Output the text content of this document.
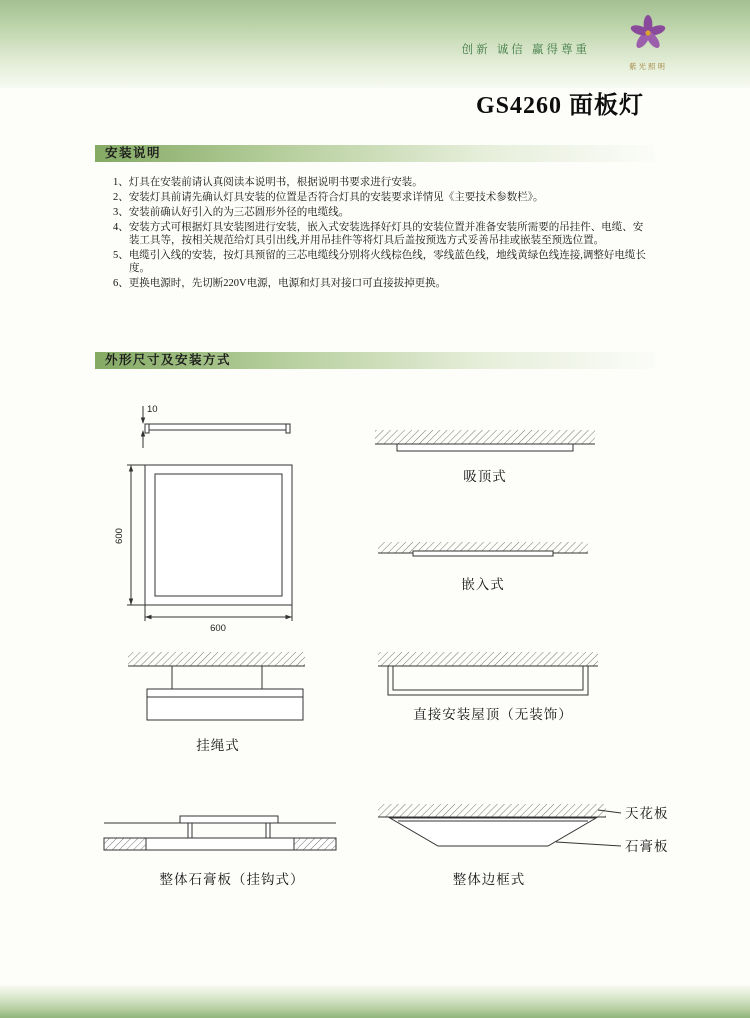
创新 诚信 赢得尊重
紫光照明
GS4260 面板灯
安装说明
1、灯具在安装前请认真阅读本说明书，根据说明书要求进行安装。
2、安装灯具前请先确认灯具安装的位置是否符合灯具的安装要求详情见《主要技术参数栏》。
3、安装前确认好引入的为三芯圆形外径的电缆线。
4、安装方式可根据灯具安装图进行安装，嵌入式安装选择好灯具的安装位置并准备安装所需要的吊挂件、电缆、安装工具等，按相关规范给灯具引出线,并用吊挂件等将灯具后盖按预选方式妥善吊挂或嵌装至预选位置。
5、电缆引入线的安装，按灯具预留的三芯电缆线分别将火线棕色线，零线蓝色线，地线黄绿色线连接,调整好电缆长度。
6、更换电源时，先切断220V电源，电源和灯具对接口可直接拔掉更换。
外形尺寸及安装方式
10
600
600
吸顶式
嵌入式
挂绳式
直接安装屋顶（无装饰）
整体石膏板（挂钩式）
天花板
石膏板
整体边框式
